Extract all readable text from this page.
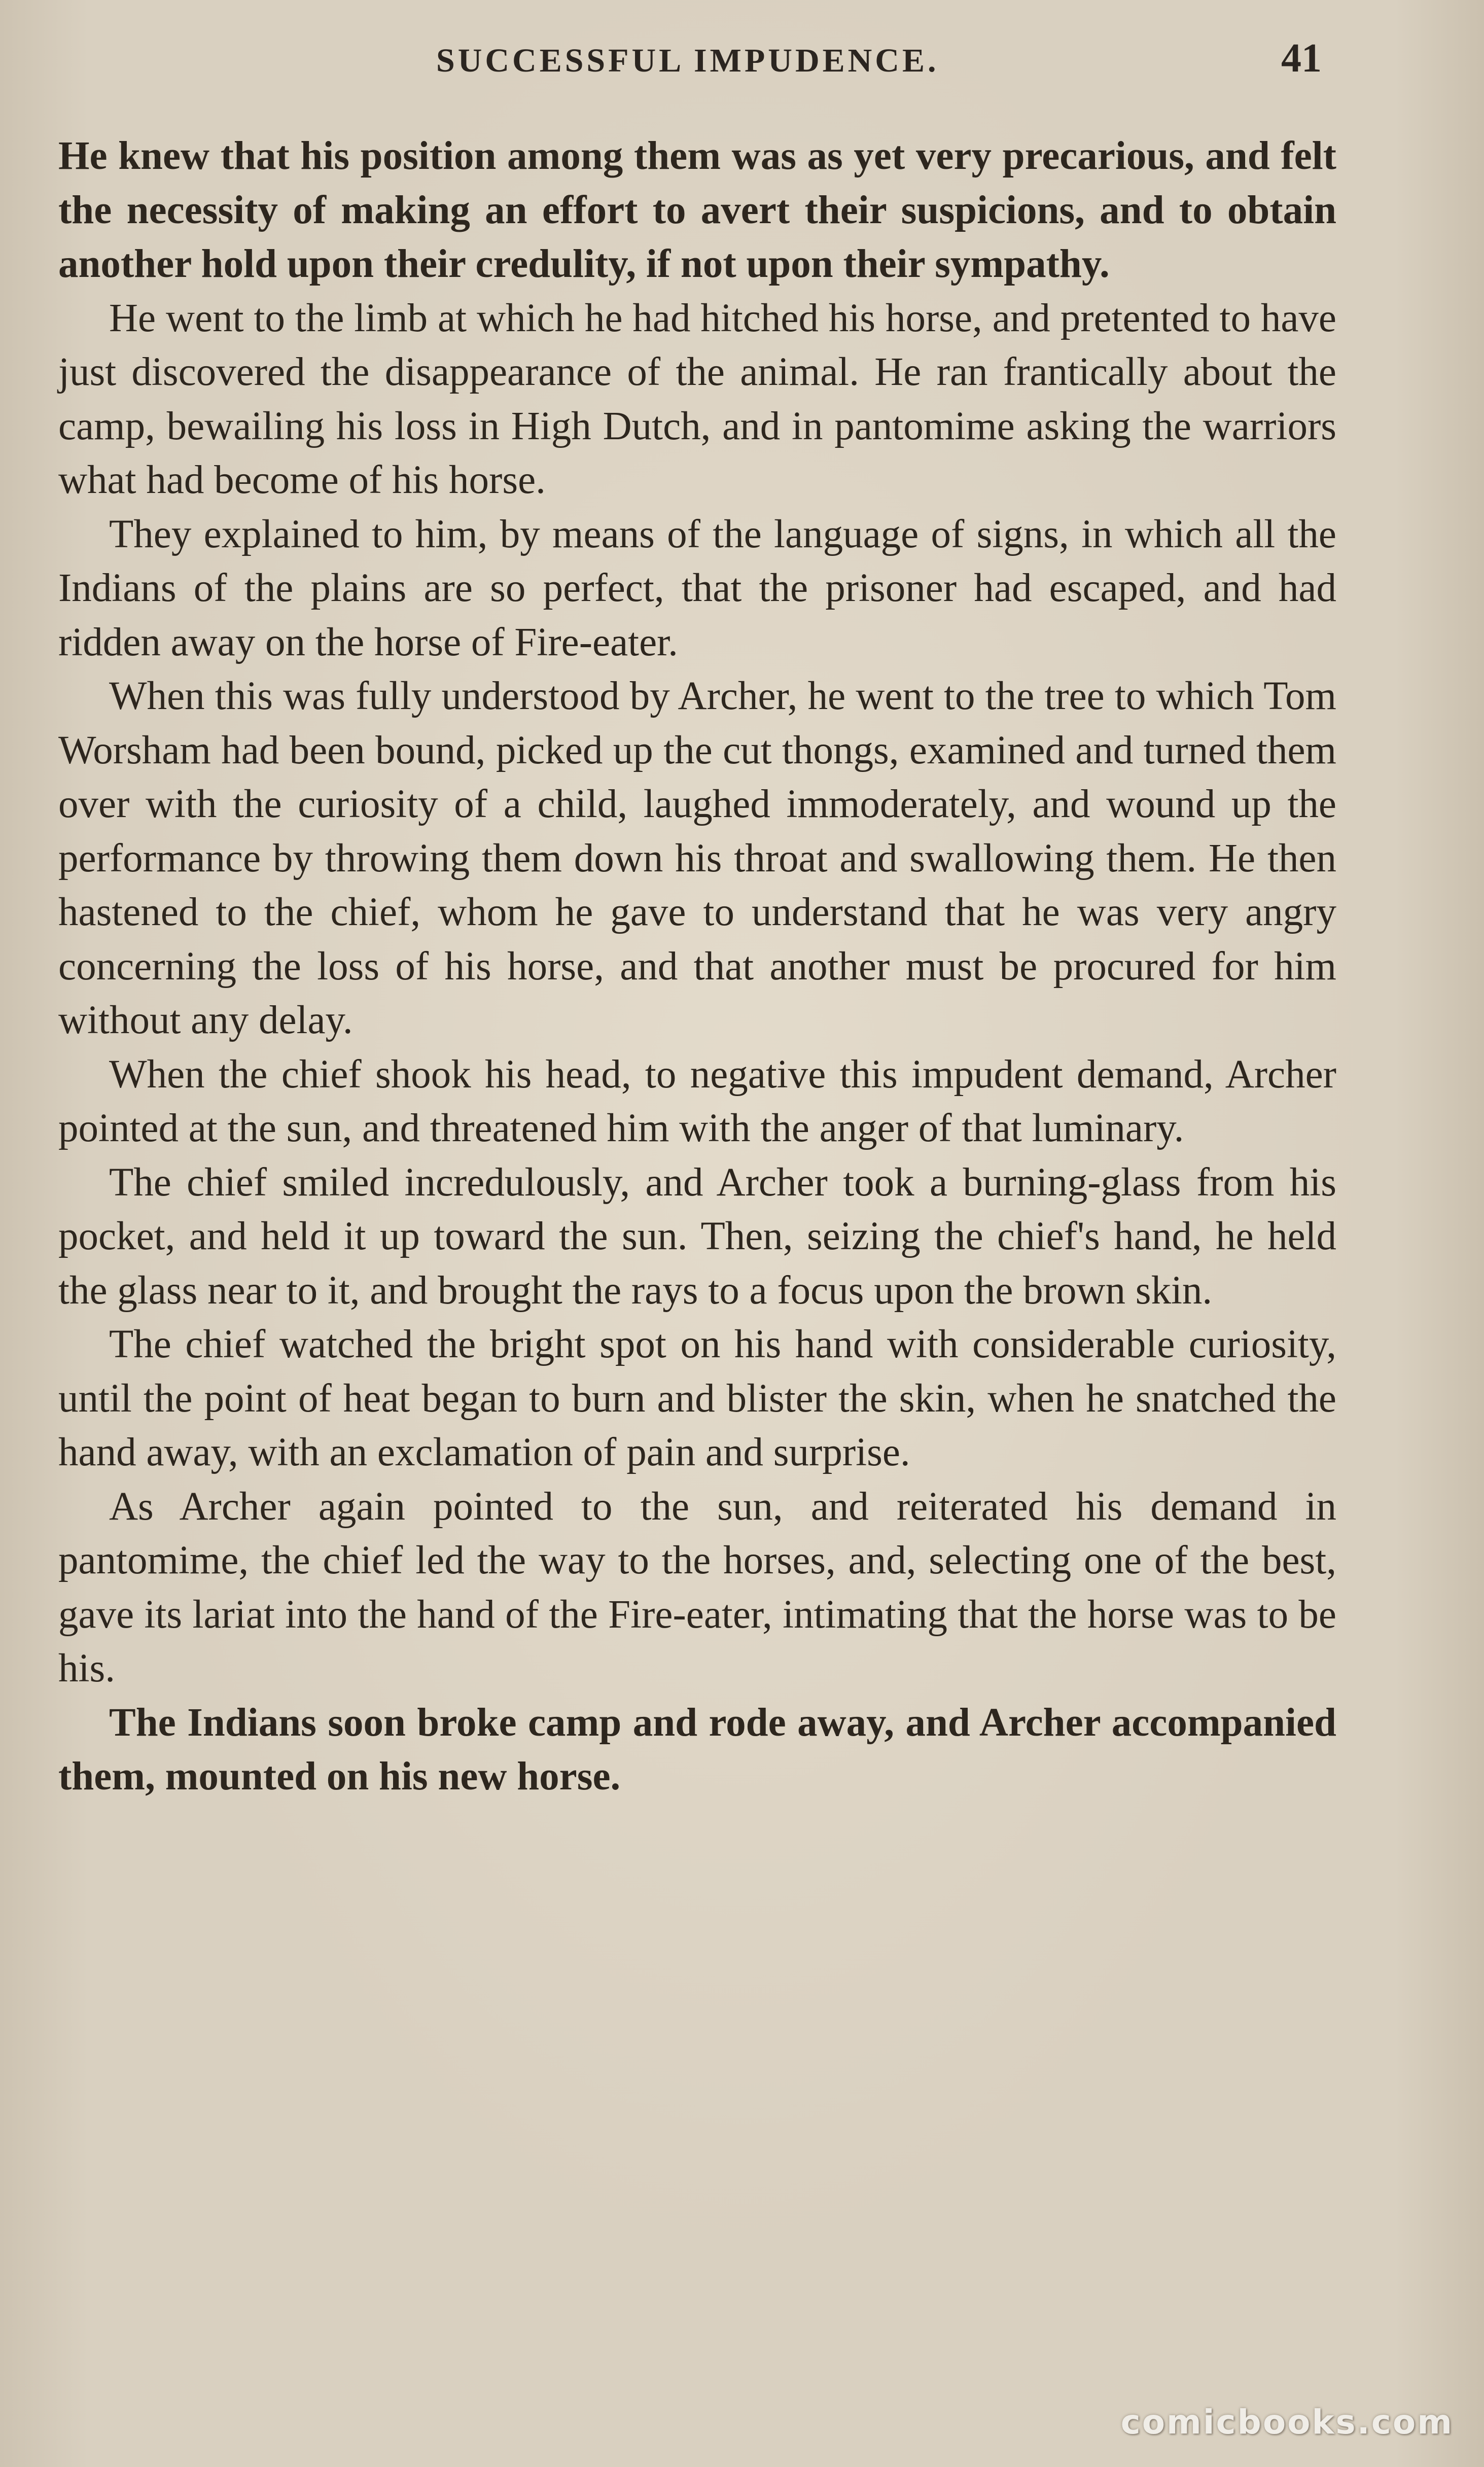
SUCCESSFUL IMPUDENCE.	41

He knew that his position among them was as yet very precarious, and felt the necessity of making an effort to avert their suspicions, and to obtain another hold upon their credulity, if not upon their sympathy.

He went to the limb at which he had hitched his horse, and pretented to have just discovered the disappearance of the animal. He ran frantically about the camp, bewailing his loss in High Dutch, and in pantomime asking the warriors what had become of his horse.

They explained to him, by means of the language of signs, in which all the Indians of the plains are so perfect, that the prisoner had escaped, and had ridden away on the horse of Fire-eater.

When this was fully understood by Archer, he went to the tree to which Tom Worsham had been bound, picked up the cut thongs, examined and turned them over with the curiosity of a child, laughed immoderately, and wound up the performance by throwing them down his throat and swallowing them. He then hastened to the chief, whom he gave to understand that he was very angry concerning the loss of his horse, and that another must be procured for him without any delay.

When the chief shook his head, to negative this impudent demand, Archer pointed at the sun, and threatened him with the anger of that luminary.

The chief smiled incredulously, and Archer took a burning-glass from his pocket, and held it up toward the sun. Then, seizing the chief's hand, he held the glass near to it, and brought the rays to a focus upon the brown skin.

The chief watched the bright spot on his hand with considerable curiosity, until the point of heat began to burn and blister the skin, when he snatched the hand away, with an exclamation of pain and surprise.

As Archer again pointed to the sun, and reiterated his demand in pantomime, the chief led the way to the horses, and, selecting one of the best, gave its lariat into the hand of the Fire-eater, intimating that the horse was to be his.

The Indians soon broke camp and rode away, and Archer accompanied them, mounted on his new horse.

comicbooks.com
